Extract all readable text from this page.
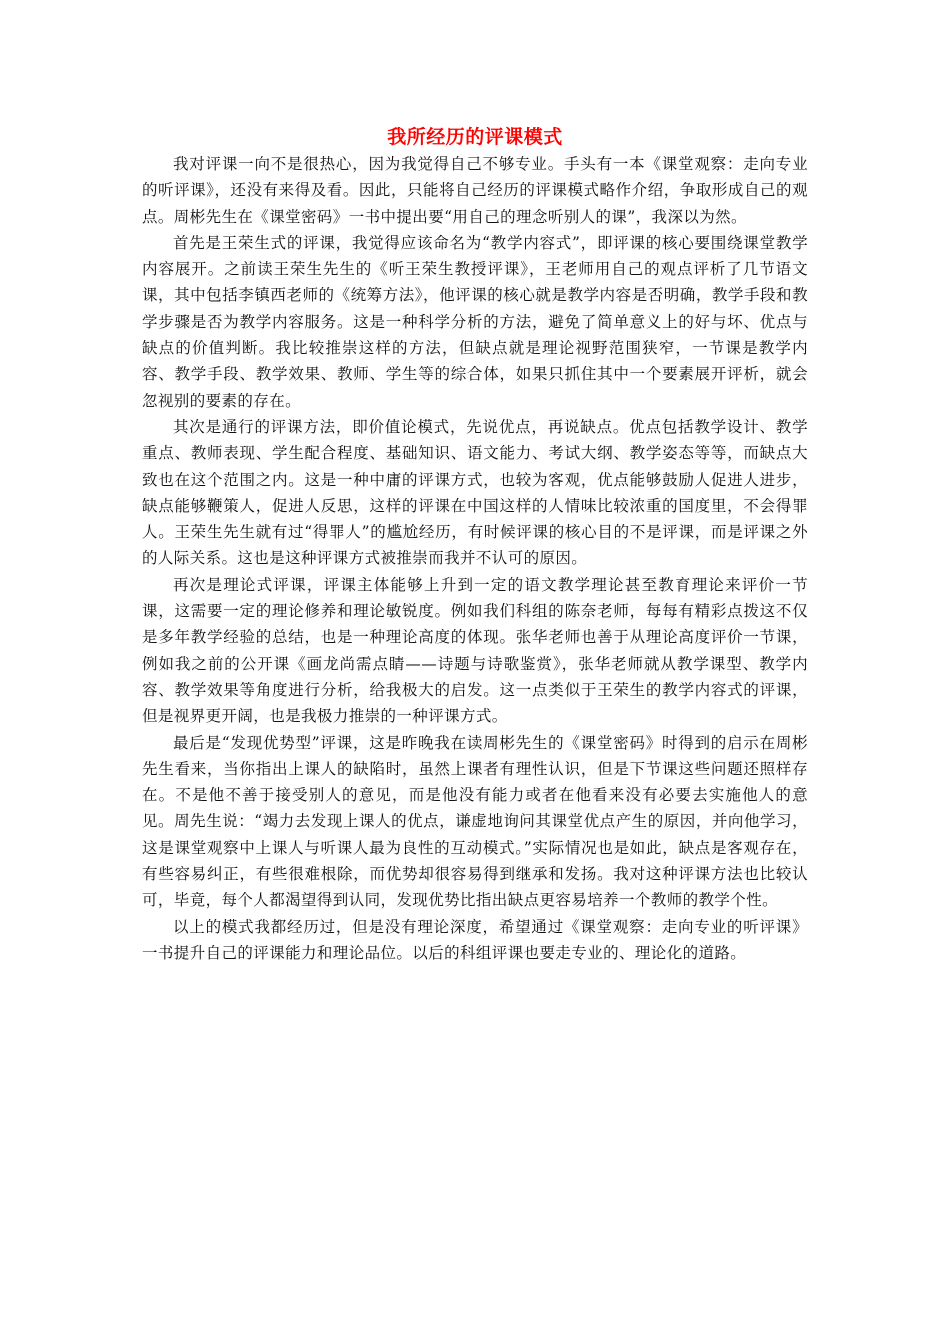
我所经历的评课模式

我对评课一向不是很热心，因为我觉得自己不够专业。手头有一本《课堂观察：走向专业的听评课》，还没有来得及看。因此，只能将自己经历的评课模式略作介绍，争取形成自己的观点。周彬先生在《课堂密码》一书中提出要“用自己的理念听别人的课”，我深以为然。

首先是王荣生式的评课，我觉得应该命名为“教学内容式”，即评课的核心要围绕课堂教学内容展开。之前读王荣生先生的《听王荣生教授评课》，王老师用自己的观点评析了几节语文课，其中包括李镇西老师的《统筹方法》，他评课的核心就是教学内容是否明确，教学手段和教学步骤是否为教学内容服务。这是一种科学分析的方法，避免了简单意义上的好与坏、优点与缺点的价值判断。我比较推崇这样的方法，但缺点就是理论视野范围狭窄，一节课是教学内容、教学手段、教学效果、教师、学生等的综合体，如果只抓住其中一个要素展开评析，就会忽视别的要素的存在。

其次是通行的评课方法，即价值论模式，先说优点，再说缺点。优点包括教学设计、教学重点、教师表现、学生配合程度、基础知识、语文能力、考试大纲、教学姿态等等，而缺点大致也在这个范围之内。这是一种中庸的评课方式，也较为客观，优点能够鼓励人促进人进步，缺点能够鞭策人，促进人反思，这样的评课在中国这样的人情味比较浓重的国度里，不会得罪人。王荣生先生就有过“得罪人”的尴尬经历，有时候评课的核心目的不是评课，而是评课之外的人际关系。这也是这种评课方式被推崇而我并不认可的原因。

再次是理论式评课，评课主体能够上升到一定的语文教学理论甚至教育理论来评价一节课，这需要一定的理论修养和理论敏锐度。例如我们科组的陈奈老师，每每有精彩点拨这不仅是多年教学经验的总结，也是一种理论高度的体现。张华老师也善于从理论高度评价一节课，例如我之前的公开课《画龙尚需点睛——诗题与诗歌鉴赏》，张华老师就从教学课型、教学内容、教学效果等角度进行分析，给我极大的启发。这一点类似于王荣生的教学内容式的评课，但是视界更开阔，也是我极力推崇的一种评课方式。

最后是“发现优势型”评课，这是昨晚我在读周彬先生的《课堂密码》时得到的启示在周彬先生看来，当你指出上课人的缺陷时，虽然上课者有理性认识，但是下节课这些问题还照样存在。不是他不善于接受别人的意见，而是他没有能力或者在他看来没有必要去实施他人的意见。周先生说：“竭力去发现上课人的优点，谦虚地询问其课堂优点产生的原因，并向他学习，这是课堂观察中上课人与听课人最为良性的互动模式。”实际情况也是如此，缺点是客观存在，有些容易纠正，有些很难根除，而优势却很容易得到继承和发扬。我对这种评课方法也比较认可，毕竟，每个人都渴望得到认同，发现优势比指出缺点更容易培养一个教师的教学个性。

以上的模式我都经历过，但是没有理论深度，希望通过《课堂观察：走向专业的听评课》一书提升自己的评课能力和理论品位。以后的科组评课也要走专业的、理论化的道路。
